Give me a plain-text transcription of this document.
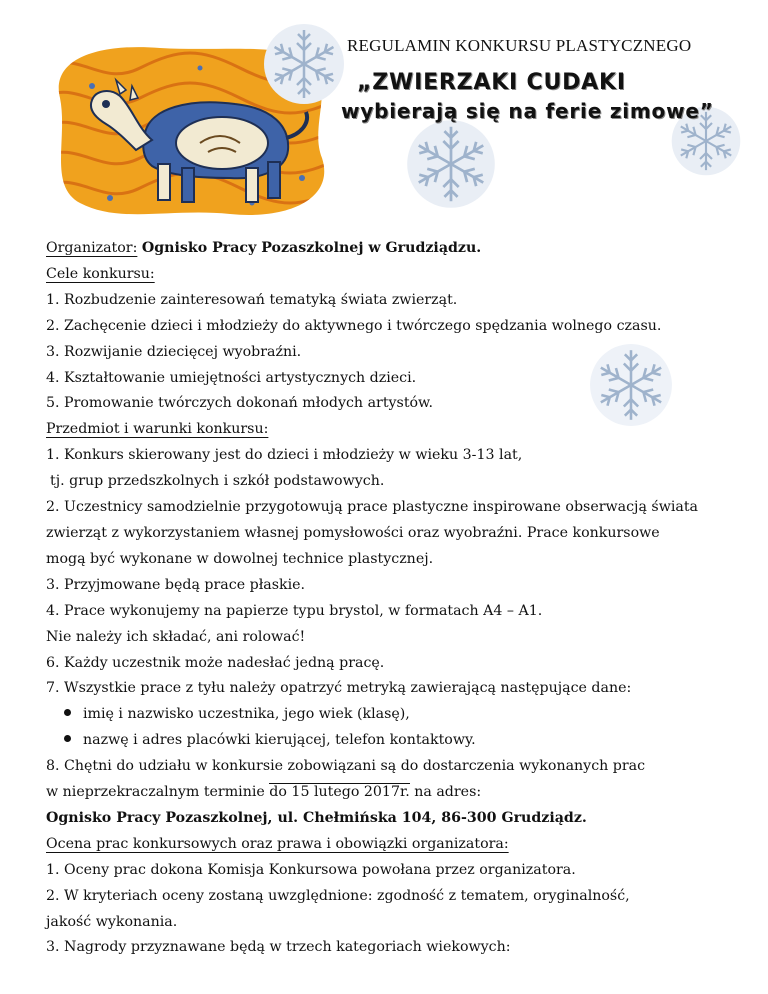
REGULAMIN KONKURSU PLASTYCZNEGO
„ZWIERZAKI CUDAKI
wybierają się na ferie zimowe”
Organizator: Ognisko Pracy Pozaszkolnej w Grudziądzu.
Cele konkursu:
1. Rozbudzenie zainteresowań tematyką świata zwierząt.
2. Zachęcenie dzieci i młodzieży do aktywnego i twórczego spędzania wolnego czasu.
3. Rozwijanie dziecięcej wyobraźni.
4. Kształtowanie umiejętności artystycznych dzieci.
5. Promowanie twórczych dokonań młodych artystów.
Przedmiot i warunki konkursu:
1. Konkurs skierowany jest do dzieci i młodzieży w wieku 3-13 lat,
tj. grup przedszkolnych i szkół podstawowych.
2. Uczestnicy samodzielnie przygotowują prace plastyczne inspirowane obserwacją świata
zwierząt z wykorzystaniem własnej pomysłowości oraz wyobraźni. Prace konkursowe
mogą być wykonane w dowolnej technice plastycznej.
3. Przyjmowane będą prace płaskie.
4. Prace wykonujemy na papierze typu brystol, w formatach A4 – A1.
Nie należy ich składać, ani rolować!
6. Każdy uczestnik może nadesłać jedną pracę.
7. Wszystkie prace z tyłu należy opatrzyć metryką zawierającą następujące dane:
imię i nazwisko uczestnika, jego wiek (klasę),
nazwę i adres placówki kierującej, telefon kontaktowy.
8. Chętni do udziału w konkursie zobowiązani są do dostarczenia wykonanych prac
w nieprzekraczalnym terminie do 15 lutego 2017r. na adres:
Ognisko Pracy Pozaszkolnej, ul. Chełmińska 104, 86-300 Grudziądz.
Ocena prac konkursowych oraz prawa i obowiązki organizatora:
1. Oceny prac dokona Komisja Konkursowa powołana przez organizatora.
2. W kryteriach oceny zostaną uwzględnione: zgodność z tematem, oryginalność,
jakość wykonania.
3. Nagrody przyznawane będą w trzech kategoriach wiekowych:
